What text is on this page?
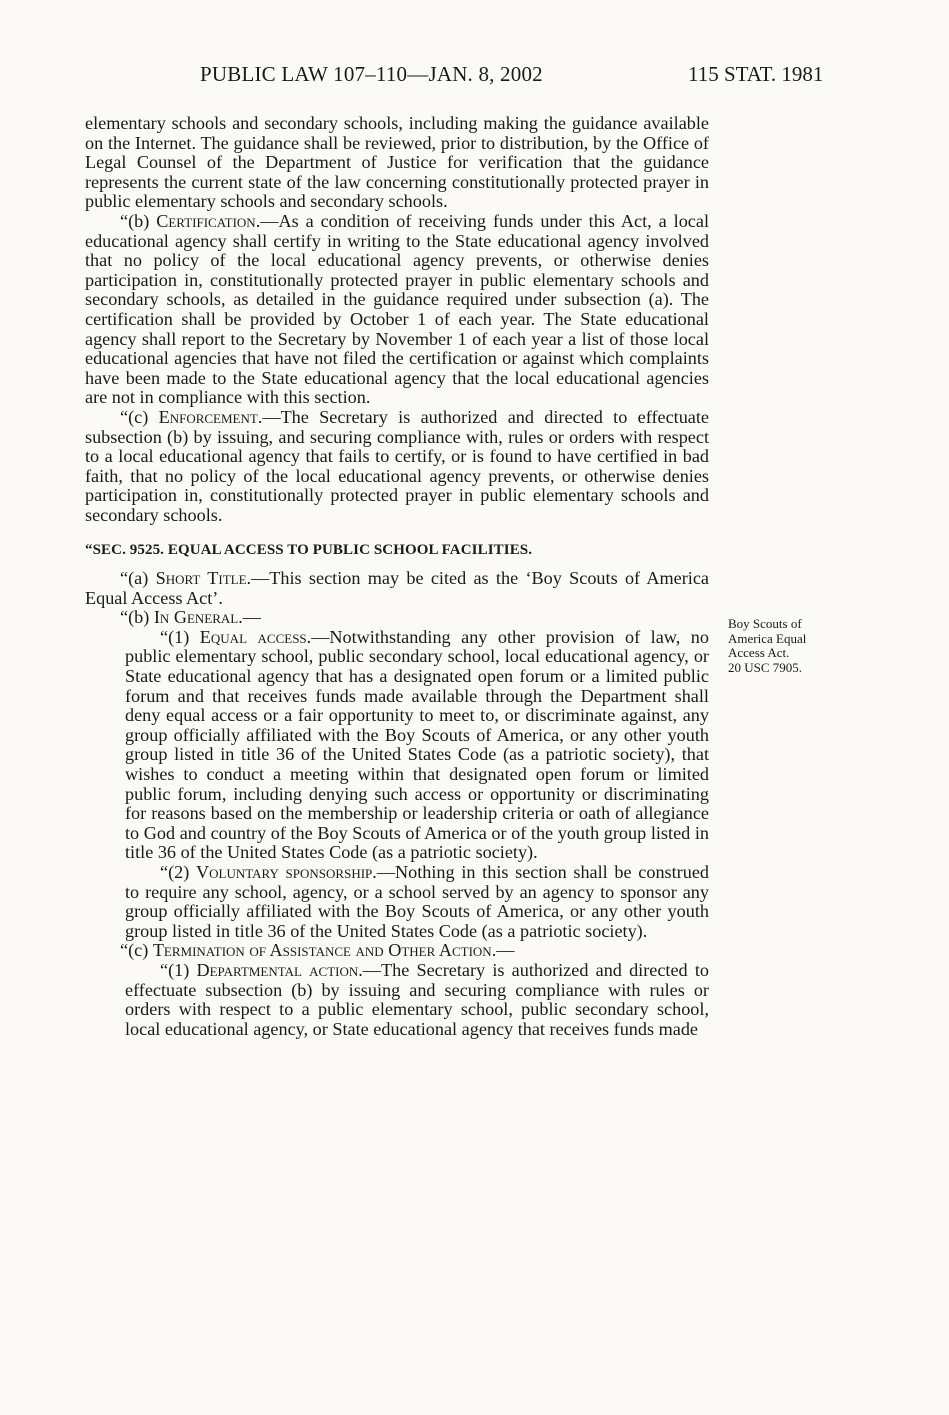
PUBLIC LAW 107–110—JAN. 8, 2002	115 STAT. 1981

elementary schools and secondary schools, including making the guidance available on the Internet. The guidance shall be reviewed, prior to distribution, by the Office of Legal Counsel of the Department of Justice for verification that the guidance represents the current state of the law concerning constitutionally protected prayer in public elementary schools and secondary schools.

“(b) Certification.—As a condition of receiving funds under this Act, a local educational agency shall certify in writing to the State educational agency involved that no policy of the local educational agency prevents, or otherwise denies participation in, constitutionally protected prayer in public elementary schools and secondary schools, as detailed in the guidance required under subsection (a). The certification shall be provided by October 1 of each year. The State educational agency shall report to the Secretary by November 1 of each year a list of those local educational agencies that have not filed the certification or against which complaints have been made to the State educational agency that the local educational agencies are not in compliance with this section.

“(c) Enforcement.—The Secretary is authorized and directed to effectuate subsection (b) by issuing, and securing compliance with, rules or orders with respect to a local educational agency that fails to certify, or is found to have certified in bad faith, that no policy of the local educational agency prevents, or otherwise denies participation in, constitutionally protected prayer in public elementary schools and secondary schools.

“SEC. 9525. EQUAL ACCESS TO PUBLIC SCHOOL FACILITIES.

“(a) Short Title.—This section may be cited as the ‘Boy Scouts of America Equal Access Act’.

“(b) In General.—

“(1) Equal access.—Notwithstanding any other provision of law, no public elementary school, public secondary school, local educational agency, or State educational agency that has a designated open forum or a limited public forum and that receives funds made available through the Department shall deny equal access or a fair opportunity to meet to, or discriminate against, any group officially affiliated with the Boy Scouts of America, or any other youth group listed in title 36 of the United States Code (as a patriotic society), that wishes to conduct a meeting within that designated open forum or limited public forum, including denying such access or opportunity or discriminating for reasons based on the membership or leadership criteria or oath of allegiance to God and country of the Boy Scouts of America or of the youth group listed in title 36 of the United States Code (as a patriotic society).

“(2) Voluntary sponsorship.—Nothing in this section shall be construed to require any school, agency, or a school served by an agency to sponsor any group officially affiliated with the Boy Scouts of America, or any other youth group listed in title 36 of the United States Code (as a patriotic society).

“(c) Termination of Assistance and Other Action.—

“(1) Departmental action.—The Secretary is authorized and directed to effectuate subsection (b) by issuing and securing compliance with rules or orders with respect to a public elementary school, public secondary school, local educational agency, or State educational agency that receives funds made

Boy Scouts of
America Equal
Access Act.
20 USC 7905.
